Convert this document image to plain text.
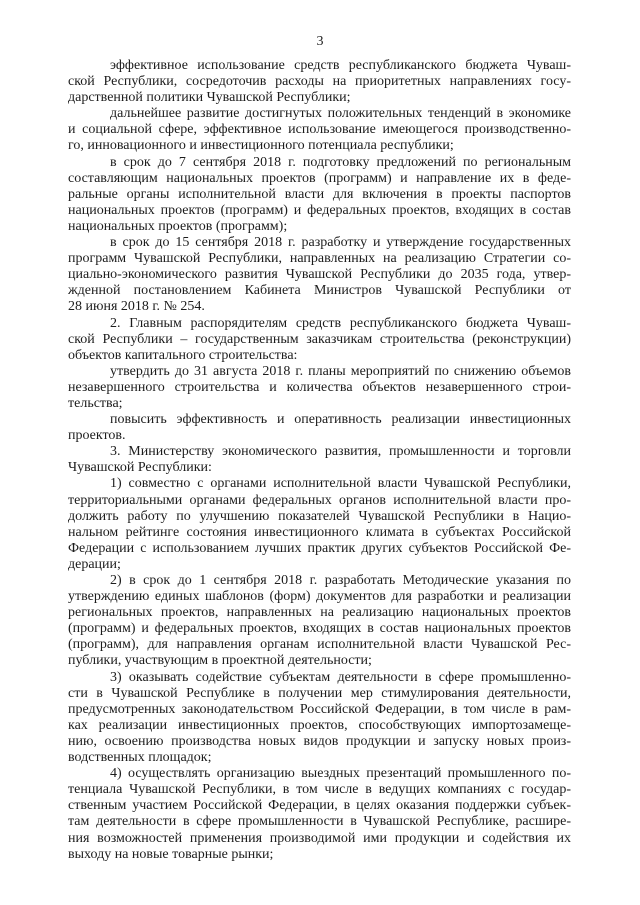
3
эффективное использование средств республиканского бюджета Чуваш-
ской Республики, сосредоточив расходы на приоритетных направлениях госу-
дарственной политики Чувашской Республики;
дальнейшее развитие достигнутых положительных тенденций в экономике
и социальной сфере, эффективное использование имеющегося производственно-
го, инновационного и инвестиционного потенциала республики;
в срок до 7 сентября 2018 г. подготовку предложений по региональным
составляющим национальных проектов (программ) и направление их в феде-
ральные органы исполнительной власти для включения в проекты паспортов
национальных проектов (программ) и федеральных проектов, входящих в состав
национальных проектов (программ);
в срок до 15 сентября 2018 г. разработку и утверждение государственных
программ Чувашской Республики, направленных на реализацию Стратегии со-
циально-экономического развития Чувашской Республики до 2035 года, утвер-
жденной постановлением Кабинета Министров Чувашской Республики от
28 июня 2018 г. № 254.
2. Главным распорядителям средств республиканского бюджета Чуваш-
ской Республики – государственным заказчикам строительства (реконструкции)
объектов капитального строительства:
утвердить до 31 августа 2018 г. планы мероприятий по снижению объемов
незавершенного строительства и количества объектов незавершенного строи-
тельства;
повысить эффективность и оперативность реализации инвестиционных
проектов.
3. Министерству экономического развития, промышленности и торговли
Чувашской Республики:
1) совместно с органами исполнительной власти Чувашской Республики,
территориальными органами федеральных органов исполнительной власти про-
должить работу по улучшению показателей Чувашской Республики в Нацио-
нальном рейтинге состояния инвестиционного климата в субъектах Российской
Федерации с использованием лучших практик других субъектов Российской Фе-
дерации;
2) в срок до 1 сентября 2018 г. разработать Методические указания по
утверждению единых шаблонов (форм) документов для разработки и реализации
региональных проектов, направленных на реализацию национальных проектов
(программ) и федеральных проектов, входящих в состав национальных проектов
(программ), для направления органам исполнительной власти Чувашской Рес-
публики, участвующим в проектной деятельности;
3) оказывать содействие субъектам деятельности в сфере промышленно-
сти в Чувашской Республике в получении мер стимулирования деятельности,
предусмотренных законодательством Российской Федерации, в том числе в рам-
ках реализации инвестиционных проектов, способствующих импортозамеще-
нию, освоению производства новых видов продукции и запуску новых произ-
водственных площадок;
4) осуществлять организацию выездных презентаций промышленного по-
тенциала Чувашской Республики, в том числе в ведущих компаниях с государ-
ственным участием Российской Федерации, в целях оказания поддержки субъек-
там деятельности в сфере промышленности в Чувашской Республике, расшире-
ния возможностей применения производимой ими продукции и содействия их
выходу на новые товарные рынки;
